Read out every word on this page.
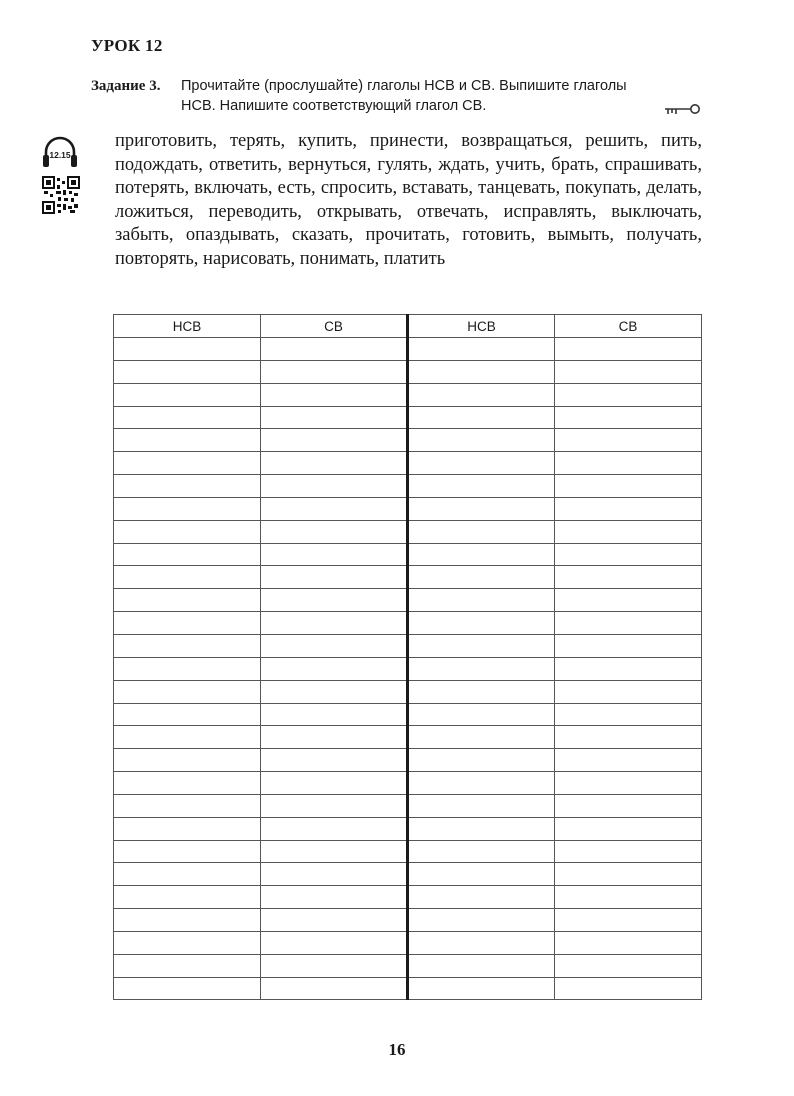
УРОК 12
Задание 3. Прочитайте (прослушайте) глаголы НСВ и СВ. Выпишите глаголы
НСВ. Напишите соответствующий глагол СВ.
12.15
приготовить, терять, купить, принести, возвращаться, решить, пить, подождать, ответить, вернуться, гулять, ждать, учить, брать, спрашивать, потерять, включать, есть, спросить, вставать, танцевать, покупать, делать, ложиться, переводить, открывать, отвечать, исправлять, выключать, забыть, опаздывать, сказать, прочитать, готовить, вымыть, получать, повторять, нарисовать, понимать, платить
НСВ	СВ	НСВ	СВ

16
